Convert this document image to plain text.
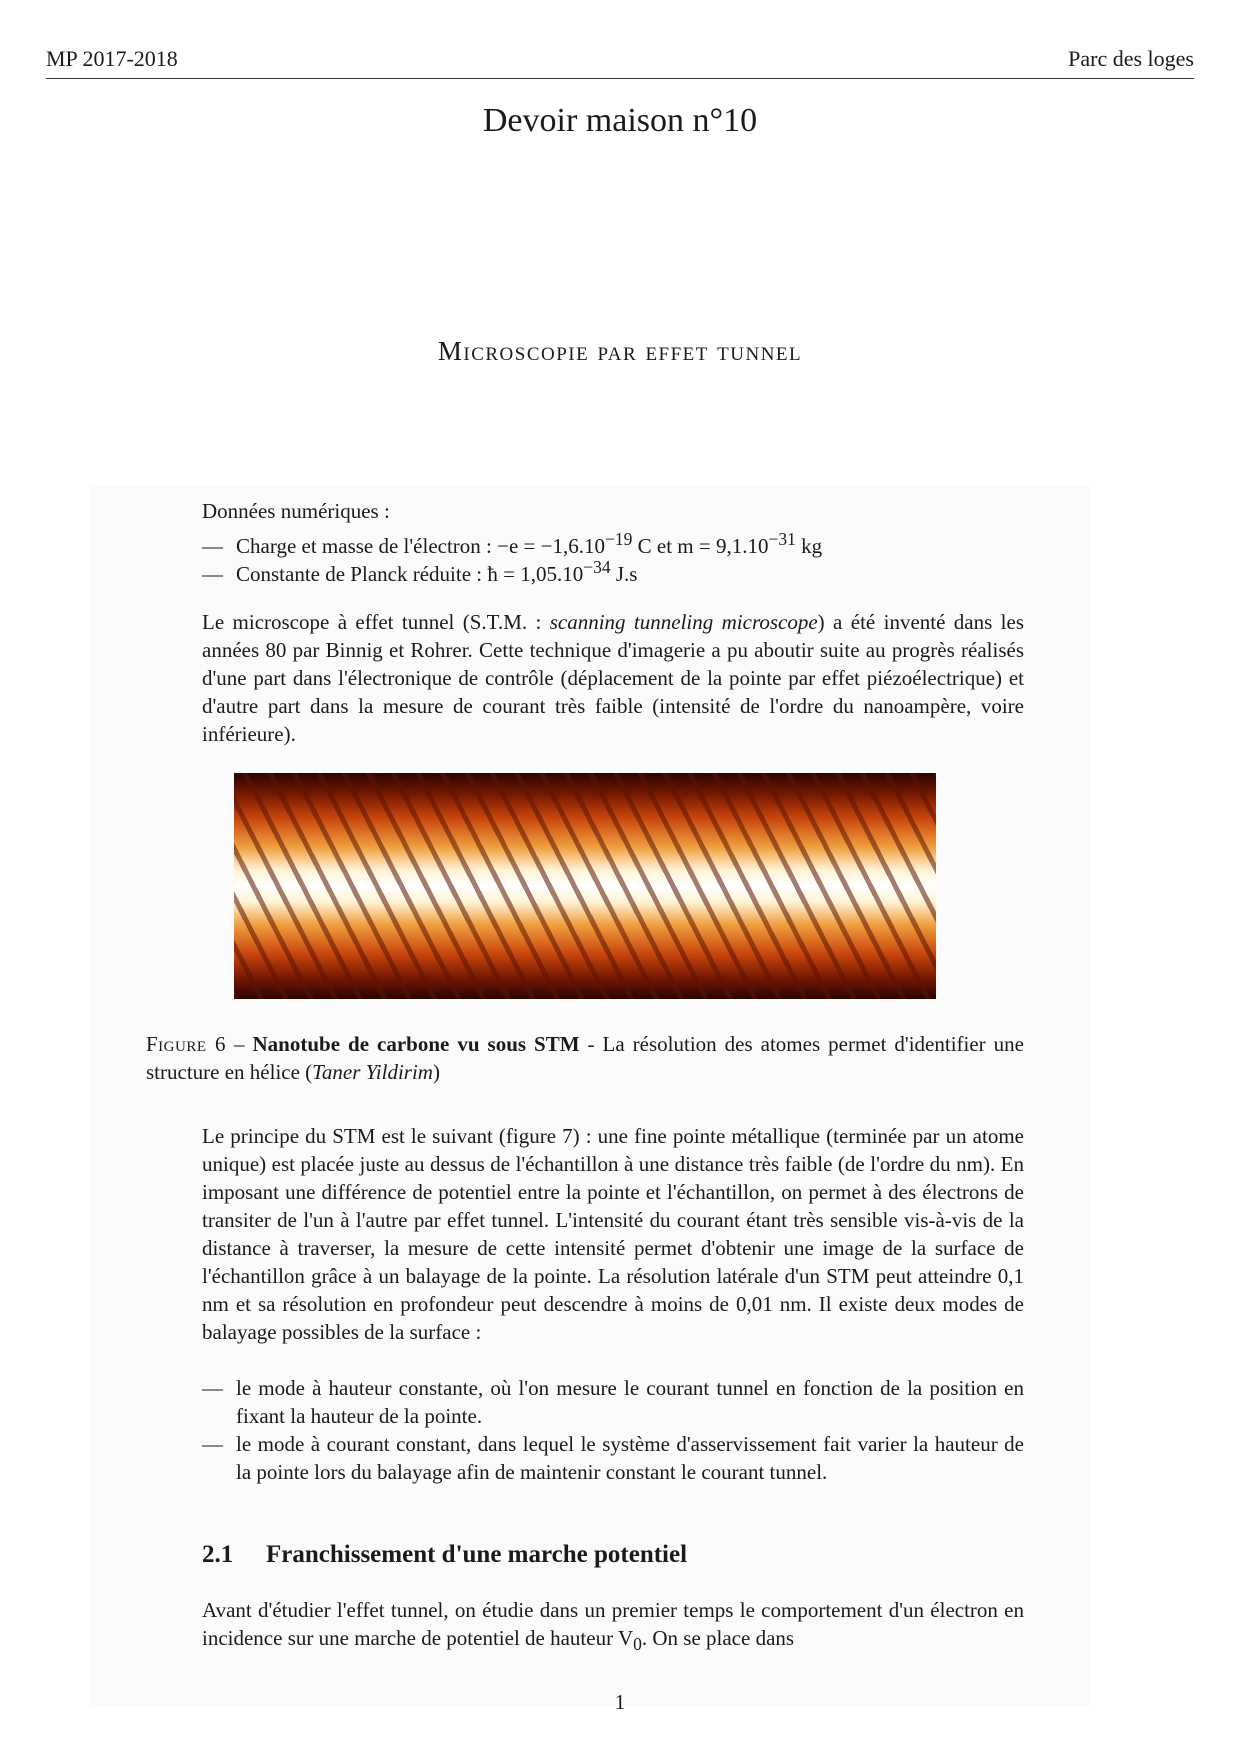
MP 2017-2018	Parc des loges
Devoir maison n°10
Microscopie par effet tunnel
Données numériques :
— Charge et masse de l'électron : $-e = -1,6.10^{-19}$ C et $m = 9,1.10^{-31}$ kg
— Constante de Planck réduite : ħ = $1,05.10^{-34}$ J.s
Le microscope à effet tunnel (S.T.M. : scanning tunneling microscope) a été inventé dans les années 80 par Binnig et Rohrer. Cette technique d'imagerie a pu aboutir suite au progrès réalisés d'une part dans l'électronique de contrôle (déplacement de la pointe par effet piézoélectrique) et d'autre part dans la mesure de courant très faible (intensité de l'ordre du nanoampère, voire inférieure).
Figure 6 – Nanotube de carbone vu sous STM - La résolution des atomes permet d'identifier une structure en hélice (Taner Yildirim)
Le principe du STM est le suivant (figure 7) : une fine pointe métallique (terminée par un atome unique) est placée juste au dessus de l'échantillon à une distance très faible (de l'ordre du nm). En imposant une différence de potentiel entre la pointe et l'échantillon, on permet à des électrons de transiter de l'un à l'autre par effet tunnel. L'intensité du courant étant très sensible vis-à-vis de la distance à traverser, la mesure de cette intensité permet d'obtenir une image de la surface de l'échantillon grâce à un balayage de la pointe. La résolution latérale d'un STM peut atteindre 0,1 nm et sa résolution en profondeur peut descendre à moins de 0,01 nm. Il existe deux modes de balayage possibles de la surface :
— le mode à hauteur constante, où l'on mesure le courant tunnel en fonction de la position en fixant la hauteur de la pointe.
— le mode à courant constant, dans lequel le système d'asservissement fait varier la hauteur de la pointe lors du balayage afin de maintenir constant le courant tunnel.
2.1 Franchissement d'une marche potentiel
Avant d'étudier l'effet tunnel, on étudie dans un premier temps le comportement d'un électron en incidence sur une marche de potentiel de hauteur $V_0$. On se place dans
1
